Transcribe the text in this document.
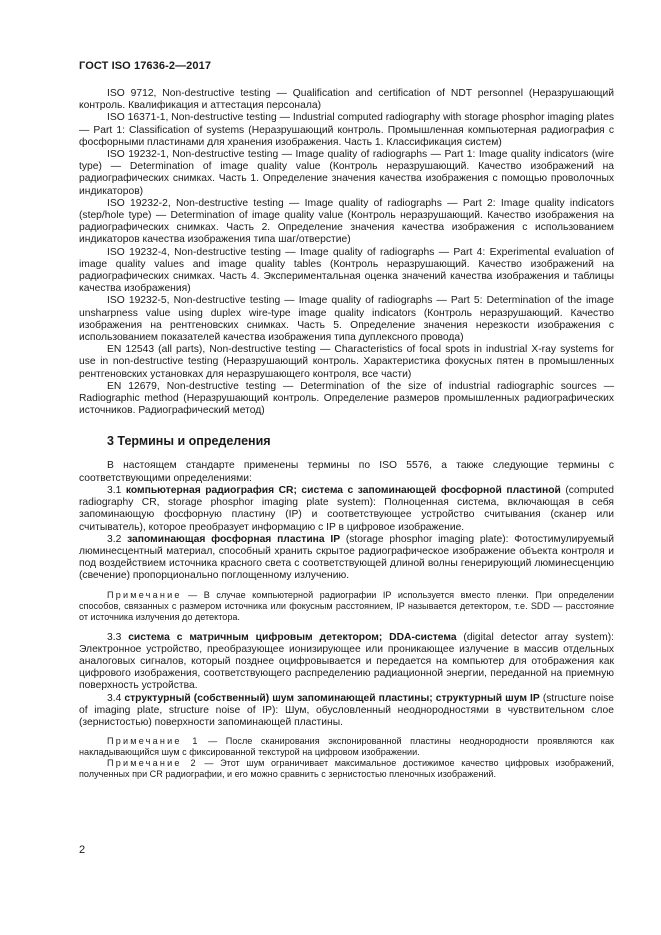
ГОСТ ISO 17636-2—2017

ISO 9712, Non-destructive testing — Qualification and certification of NDT personnel (Неразрушающий контроль. Квалификация и аттестация персонала)

ISO 16371-1, Non-destructive testing — Industrial computed radiography with storage phosphor imaging plates — Part 1: Classification of systems (Неразрушающий контроль. Промышленная компьютерная радиография с фосфорными пластинами для хранения изображения. Часть 1. Классификация систем)

ISO 19232-1, Non-destructive testing — Image quality of radiographs — Part 1: Image quality indicators (wire type) — Determination of image quality value (Контроль неразрушающий. Качество изображений на радиографических снимках. Часть 1. Определение значения качества изображения с помощью проволочных индикаторов)

ISO 19232-2, Non-destructive testing — Image quality of radiographs — Part 2: Image quality indicators (step/hole type) — Determination of image quality value (Контроль неразрушающий. Качество изображения на радиографических снимках. Часть 2. Определение значения качества изображения с использованием индикаторов качества изображения типа шаг/отверстие)

ISO 19232-4, Non-destructive testing — Image quality of radiographs — Part 4: Experimental evaluation of image quality values and image quality tables (Контроль неразрушающий. Качество изображений на радиографических снимках. Часть 4. Экспериментальная оценка значений качества изображения и таблицы качества изображения)

ISO 19232-5, Non-destructive testing — Image quality of radiographs — Part 5: Determination of the image unsharpness value using duplex wire-type image quality indicators (Контроль неразрушающий. Качество изображения на рентгеновских снимках. Часть 5. Определение значения нерезкости изображения с использованием показателей качества изображения типа дуплексного провода)

EN 12543 (all parts), Non-destructive testing — Characteristics of focal spots in industrial X-ray systems for use in non-destructive testing (Неразрушающий контроль. Характеристика фокусных пятен в промышленных рентгеновских установках для неразрушающего контроля, все части)

EN 12679, Non-destructive testing — Determination of the size of industrial radiographic sources — Radiographic method (Неразрушающий контроль. Определение размеров промышленных радиографических источников. Радиографический метод)

3 Термины и определения

В настоящем стандарте применены термины по ISO 5576, а также следующие термины с соответствующими определениями:

3.1 компьютерная радиография CR; система с запоминающей фосфорной пластиной (computed radiography CR, storage phosphor imaging plate system): Полноценная система, включающая в себя запоминающую фосфорную пластину (IP) и соответствующее устройство считывания (сканер или считыватель), которое преобразует информацию с IP в цифровое изображение.

3.2 запоминающая фосфорная пластина IP (storage phosphor imaging plate): Фотостимулируемый люминесцентный материал, способный хранить скрытое радиографическое изображение объекта контроля и под воздействием источника красного света с соответствующей длиной волны генерирующий люминесценцию (свечение) пропорционально поглощенному излучению.

Примечание — В случае компьютерной радиографии IP используется вместо пленки. При определении способов, связанных с размером источника или фокусным расстоянием, IP называется детектором, т.е. SDD — расстояние от источника излучения до детектора.

3.3 система с матричным цифровым детектором; DDA-система (digital detector array system): Электронное устройство, преобразующее ионизирующее или проникающее излучение в массив отдельных аналоговых сигналов, который позднее оцифровывается и передается на компьютер для отображения как цифрового изображения, соответствующего распределению радиационной энергии, переданной на приемную поверхность устройства.

3.4 структурный (собственный) шум запоминающей пластины; структурный шум IP (structure noise of imaging plate, structure noise of IP): Шум, обусловленный неоднородностями в чувствительном слое (зернистостью) поверхности запоминающей пластины.

Примечание 1 — После сканирования экспонированной пластины неоднородности проявляются как накладывающийся шум с фиксированной текстурой на цифровом изображении.

Примечание 2 — Этот шум ограничивает максимальное достижимое качество цифровых изображений, полученных при CR радиографии, и его можно сравнить с зернистостью пленочных изображений.

2
